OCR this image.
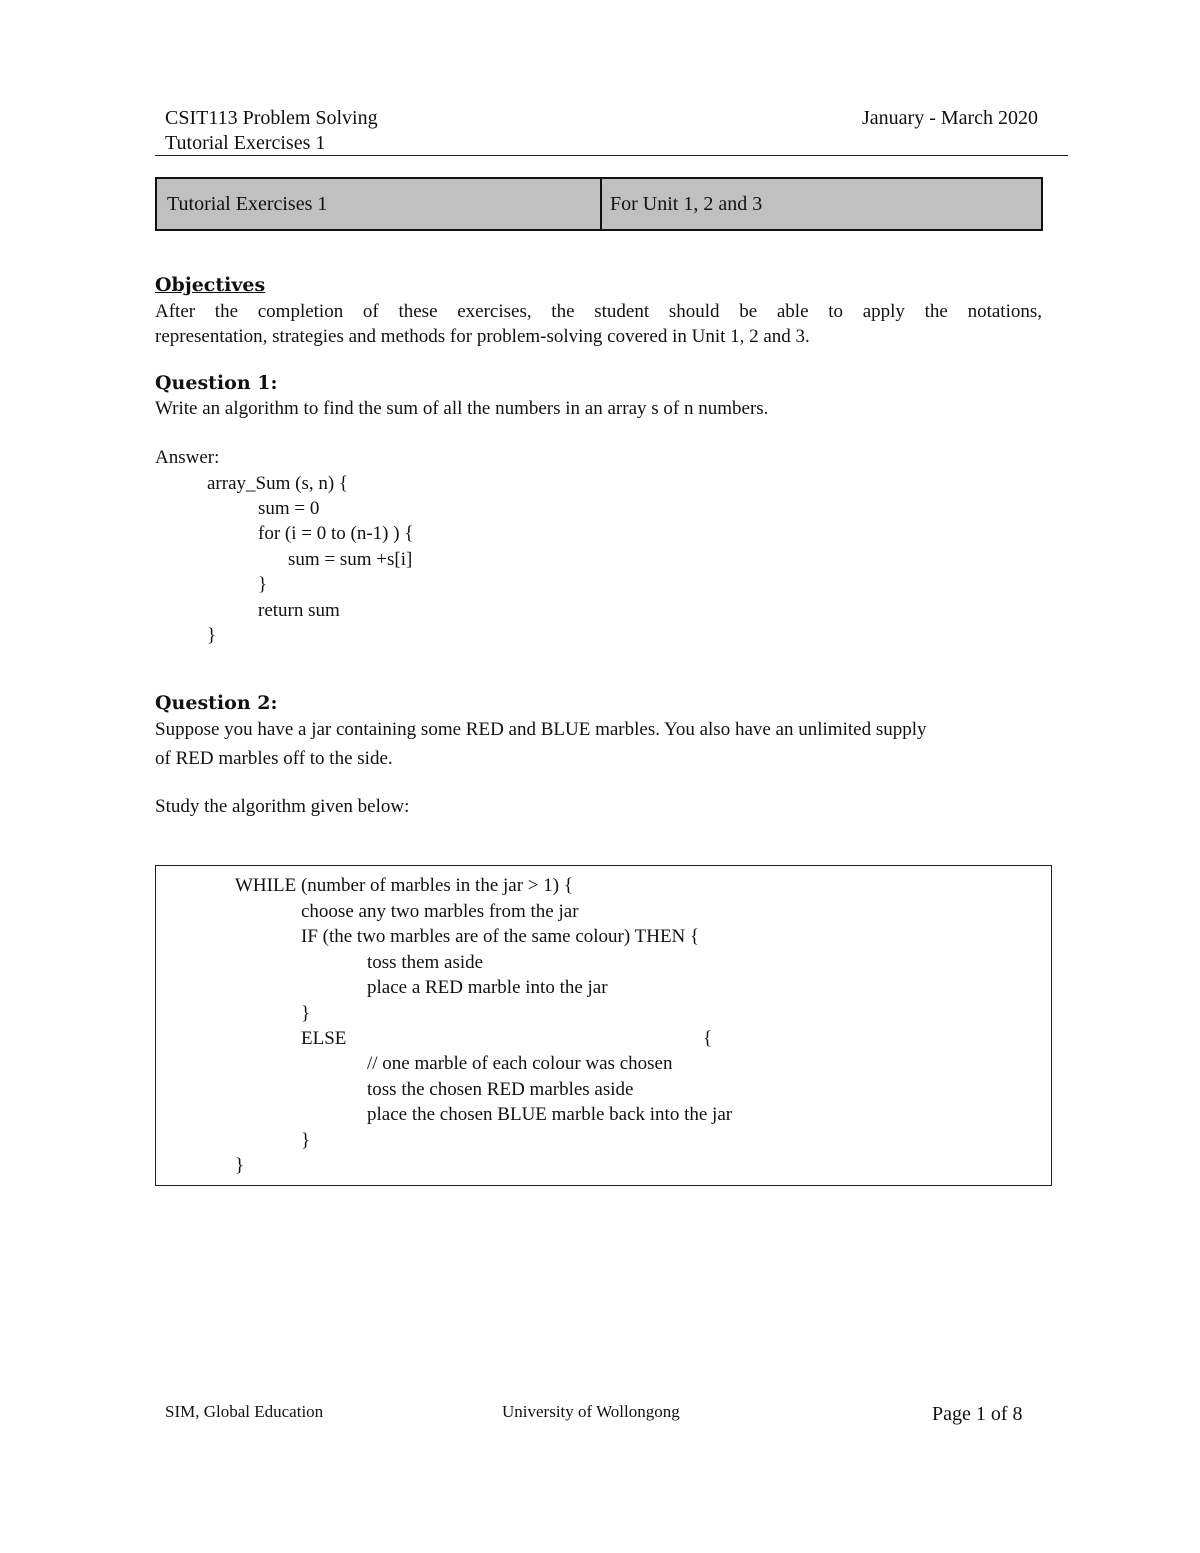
CSIT113 Problem Solving
Tutorial Exercises 1
January - March 2020
Tutorial Exercises 1	For Unit 1, 2 and 3
Objectives
After the completion of these exercises, the student should be able to apply the notations,
representation, strategies and methods for problem-solving covered in Unit 1, 2 and 3.
Question 1:
Write an algorithm to find the sum of all the numbers in an array s of n numbers.
Answer:
array_Sum (s, n) {
sum = 0
for (i = 0 to (n-1) ) {
sum = sum +s[i]
}
return sum
}
Question 2:
Suppose you have a jar containing some RED and BLUE marbles. You also have an unlimited supply
of RED marbles off to the side.
Study the algorithm given below:
WHILE (number of marbles in the jar > 1) {
choose any two marbles from the jar
IF (the two marbles are of the same colour) THEN {
toss them aside
place a RED marble into the jar
}
ELSE	{
// one marble of each colour was chosen
toss the chosen RED marbles aside
place the chosen BLUE marble back into the jar
}
}
SIM, Global Education	University of Wollongong	Page 1 of 8
